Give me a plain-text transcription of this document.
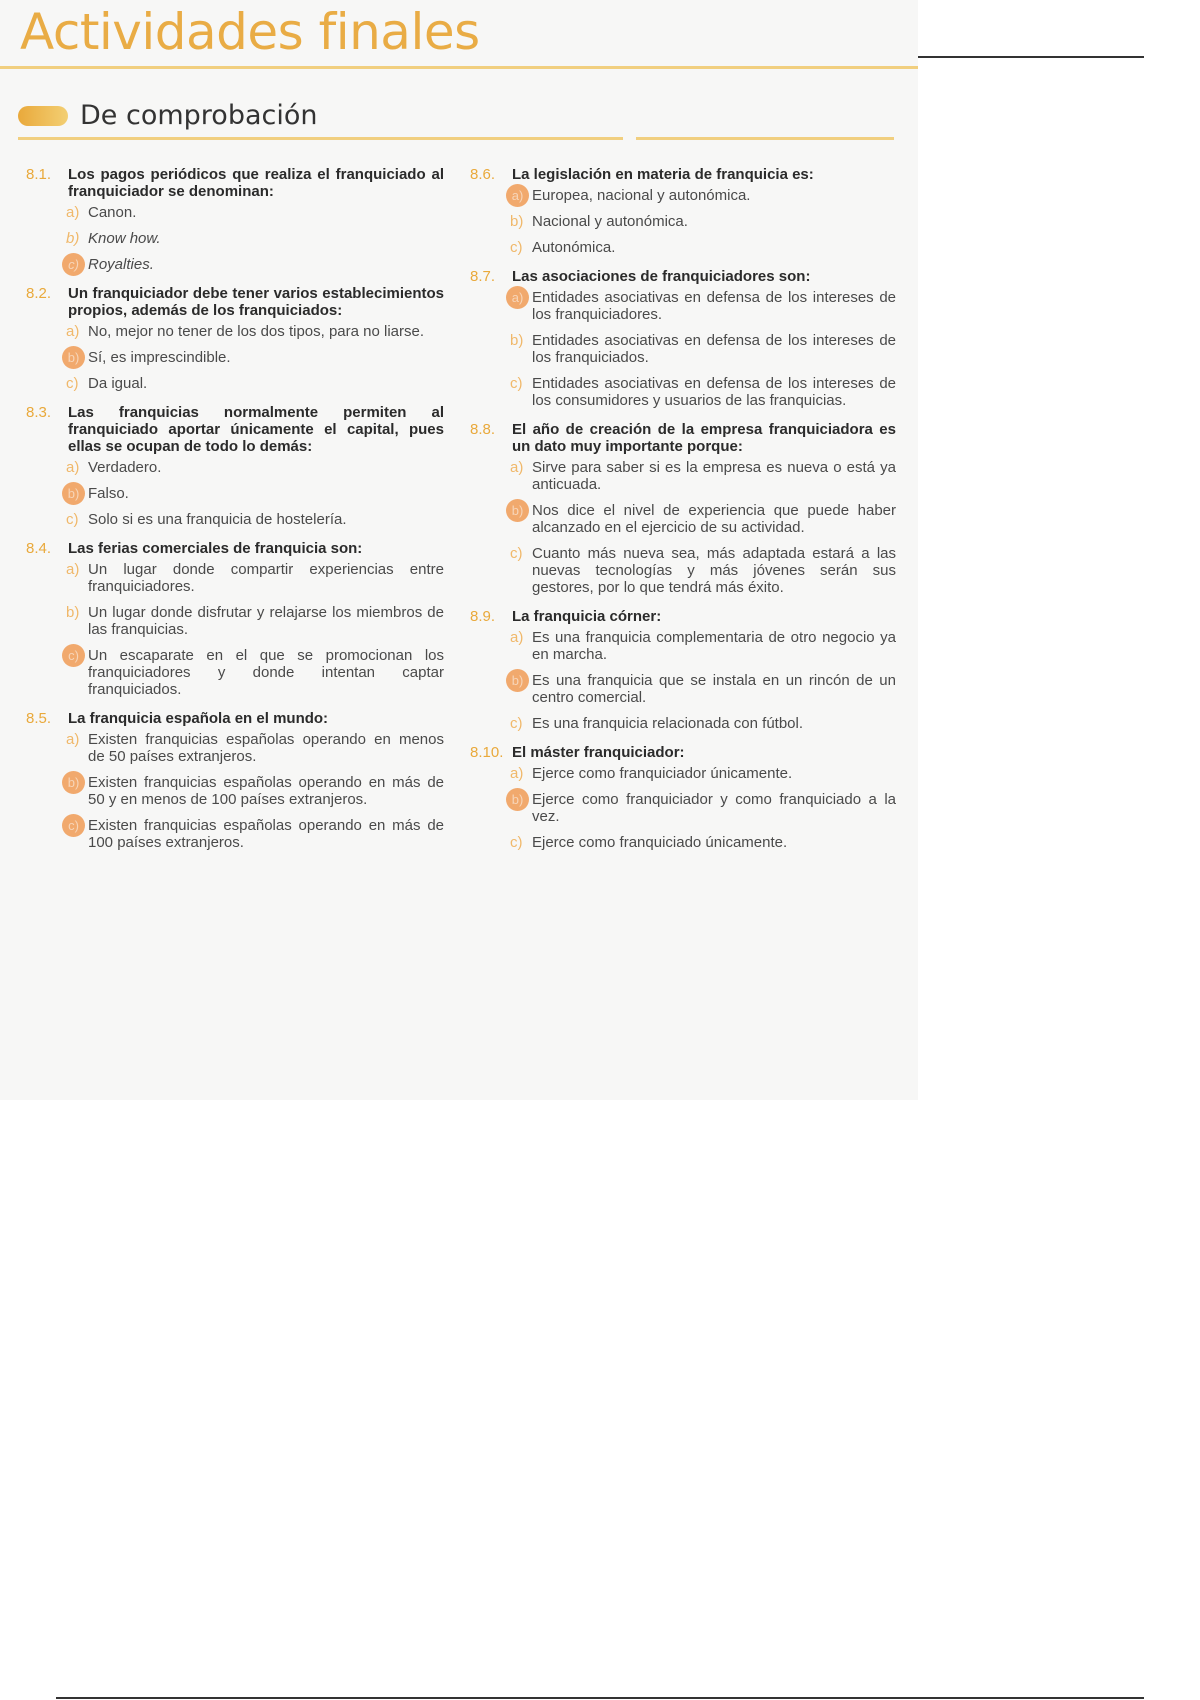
Actividades finales
De comprobación
8.1.	Los pagos periódicos que realiza el franquiciado al franquiciador se denominan:
a) Canon.
b) Know how.
c) Royalties.
8.2.	Un franquiciador debe tener varios establecimientos propios, además de los franquiciados:
a) No, mejor no tener de los dos tipos, para no liarse.
b) Sí, es imprescindible.
c) Da igual.
8.3.	Las franquicias normalmente permiten al franquiciado aportar únicamente el capital, pues ellas se ocupan de todo lo demás:
a) Verdadero.
b) Falso.
c) Solo si es una franquicia de hostelería.
8.4.	Las ferias comerciales de franquicia son:
a) Un lugar donde compartir experiencias entre franquiciadores.
b) Un lugar donde disfrutar y relajarse los miembros de las franquicias.
c) Un escaparate en el que se promocionan los franquiciadores y donde intentan captar franquiciados.
8.5.	La franquicia española en el mundo:
a) Existen franquicias españolas operando en menos de 50 países extranjeros.
b) Existen franquicias españolas operando en más de 50 y en menos de 100 países extranjeros.
c) Existen franquicias españolas operando en más de 100 países extranjeros.
8.6.	La legislación en materia de franquicia es:
a) Europea, nacional y autonómica.
b) Nacional y autonómica.
c) Autonómica.
8.7.	Las asociaciones de franquiciadores son:
a) Entidades asociativas en defensa de los intereses de los franquiciadores.
b) Entidades asociativas en defensa de los intereses de los franquiciados.
c) Entidades asociativas en defensa de los intereses de los consumidores y usuarios de las franquicias.
8.8.	El año de creación de la empresa franquiciadora es un dato muy importante porque:
a) Sirve para saber si es la empresa es nueva o está ya anticuada.
b) Nos dice el nivel de experiencia que puede haber alcanzado en el ejercicio de su actividad.
c) Cuanto más nueva sea, más adaptada estará a las nuevas tecnologías y más jóvenes serán sus gestores, por lo que tendrá más éxito.
8.9.	La franquicia córner:
a) Es una franquicia complementaria de otro negocio ya en marcha.
b) Es una franquicia que se instala en un rincón de un centro comercial.
c) Es una franquicia relacionada con fútbol.
8.10. El máster franquiciador:
a) Ejerce como franquiciador únicamente.
b) Ejerce como franquiciador y como franquiciado a la vez.
c) Ejerce como franquiciado únicamente.
